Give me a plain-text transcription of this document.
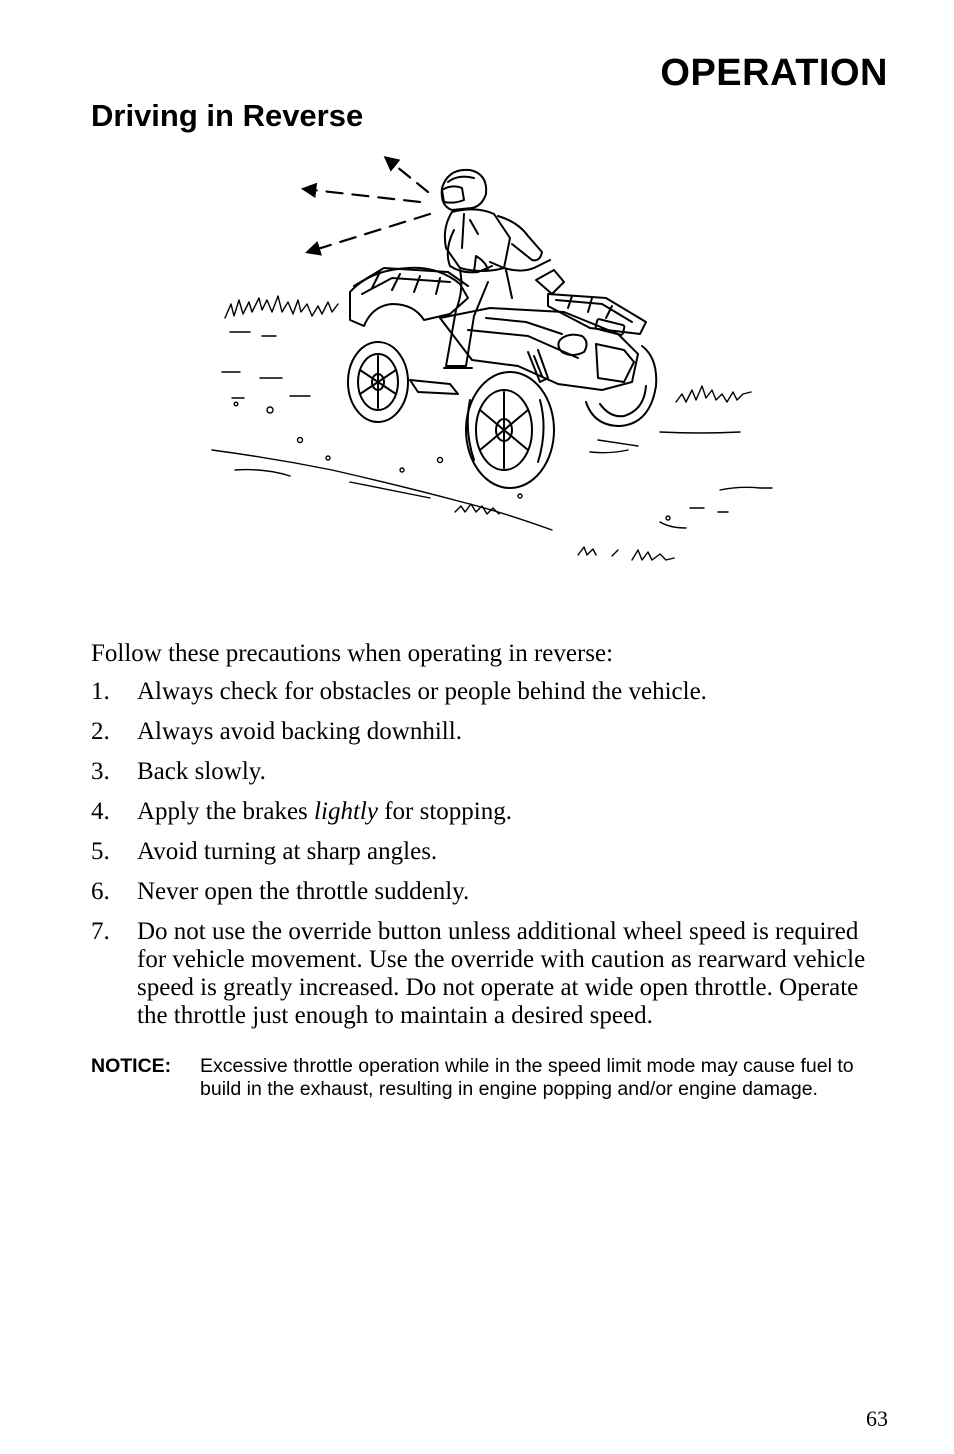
OPERATION
Driving in Reverse

Follow these precautions when operating in reverse:

1. Always check for obstacles or people behind the vehicle.
2. Always avoid backing downhill.
3. Back slowly.
4. Apply the brakes lightly for stopping.
5. Avoid turning at sharp angles.
6. Never open the throttle suddenly.
7. Do not use the override button unless additional wheel speed is required for vehicle movement. Use the override with caution as rearward vehicle speed is greatly increased. Do not operate at wide open throttle. Operate the throttle just enough to maintain a desired speed.
NOTICE: Excessive throttle operation while in the speed limit mode may cause fuel to build in the exhaust, resulting in engine popping and/or engine damage.
63
